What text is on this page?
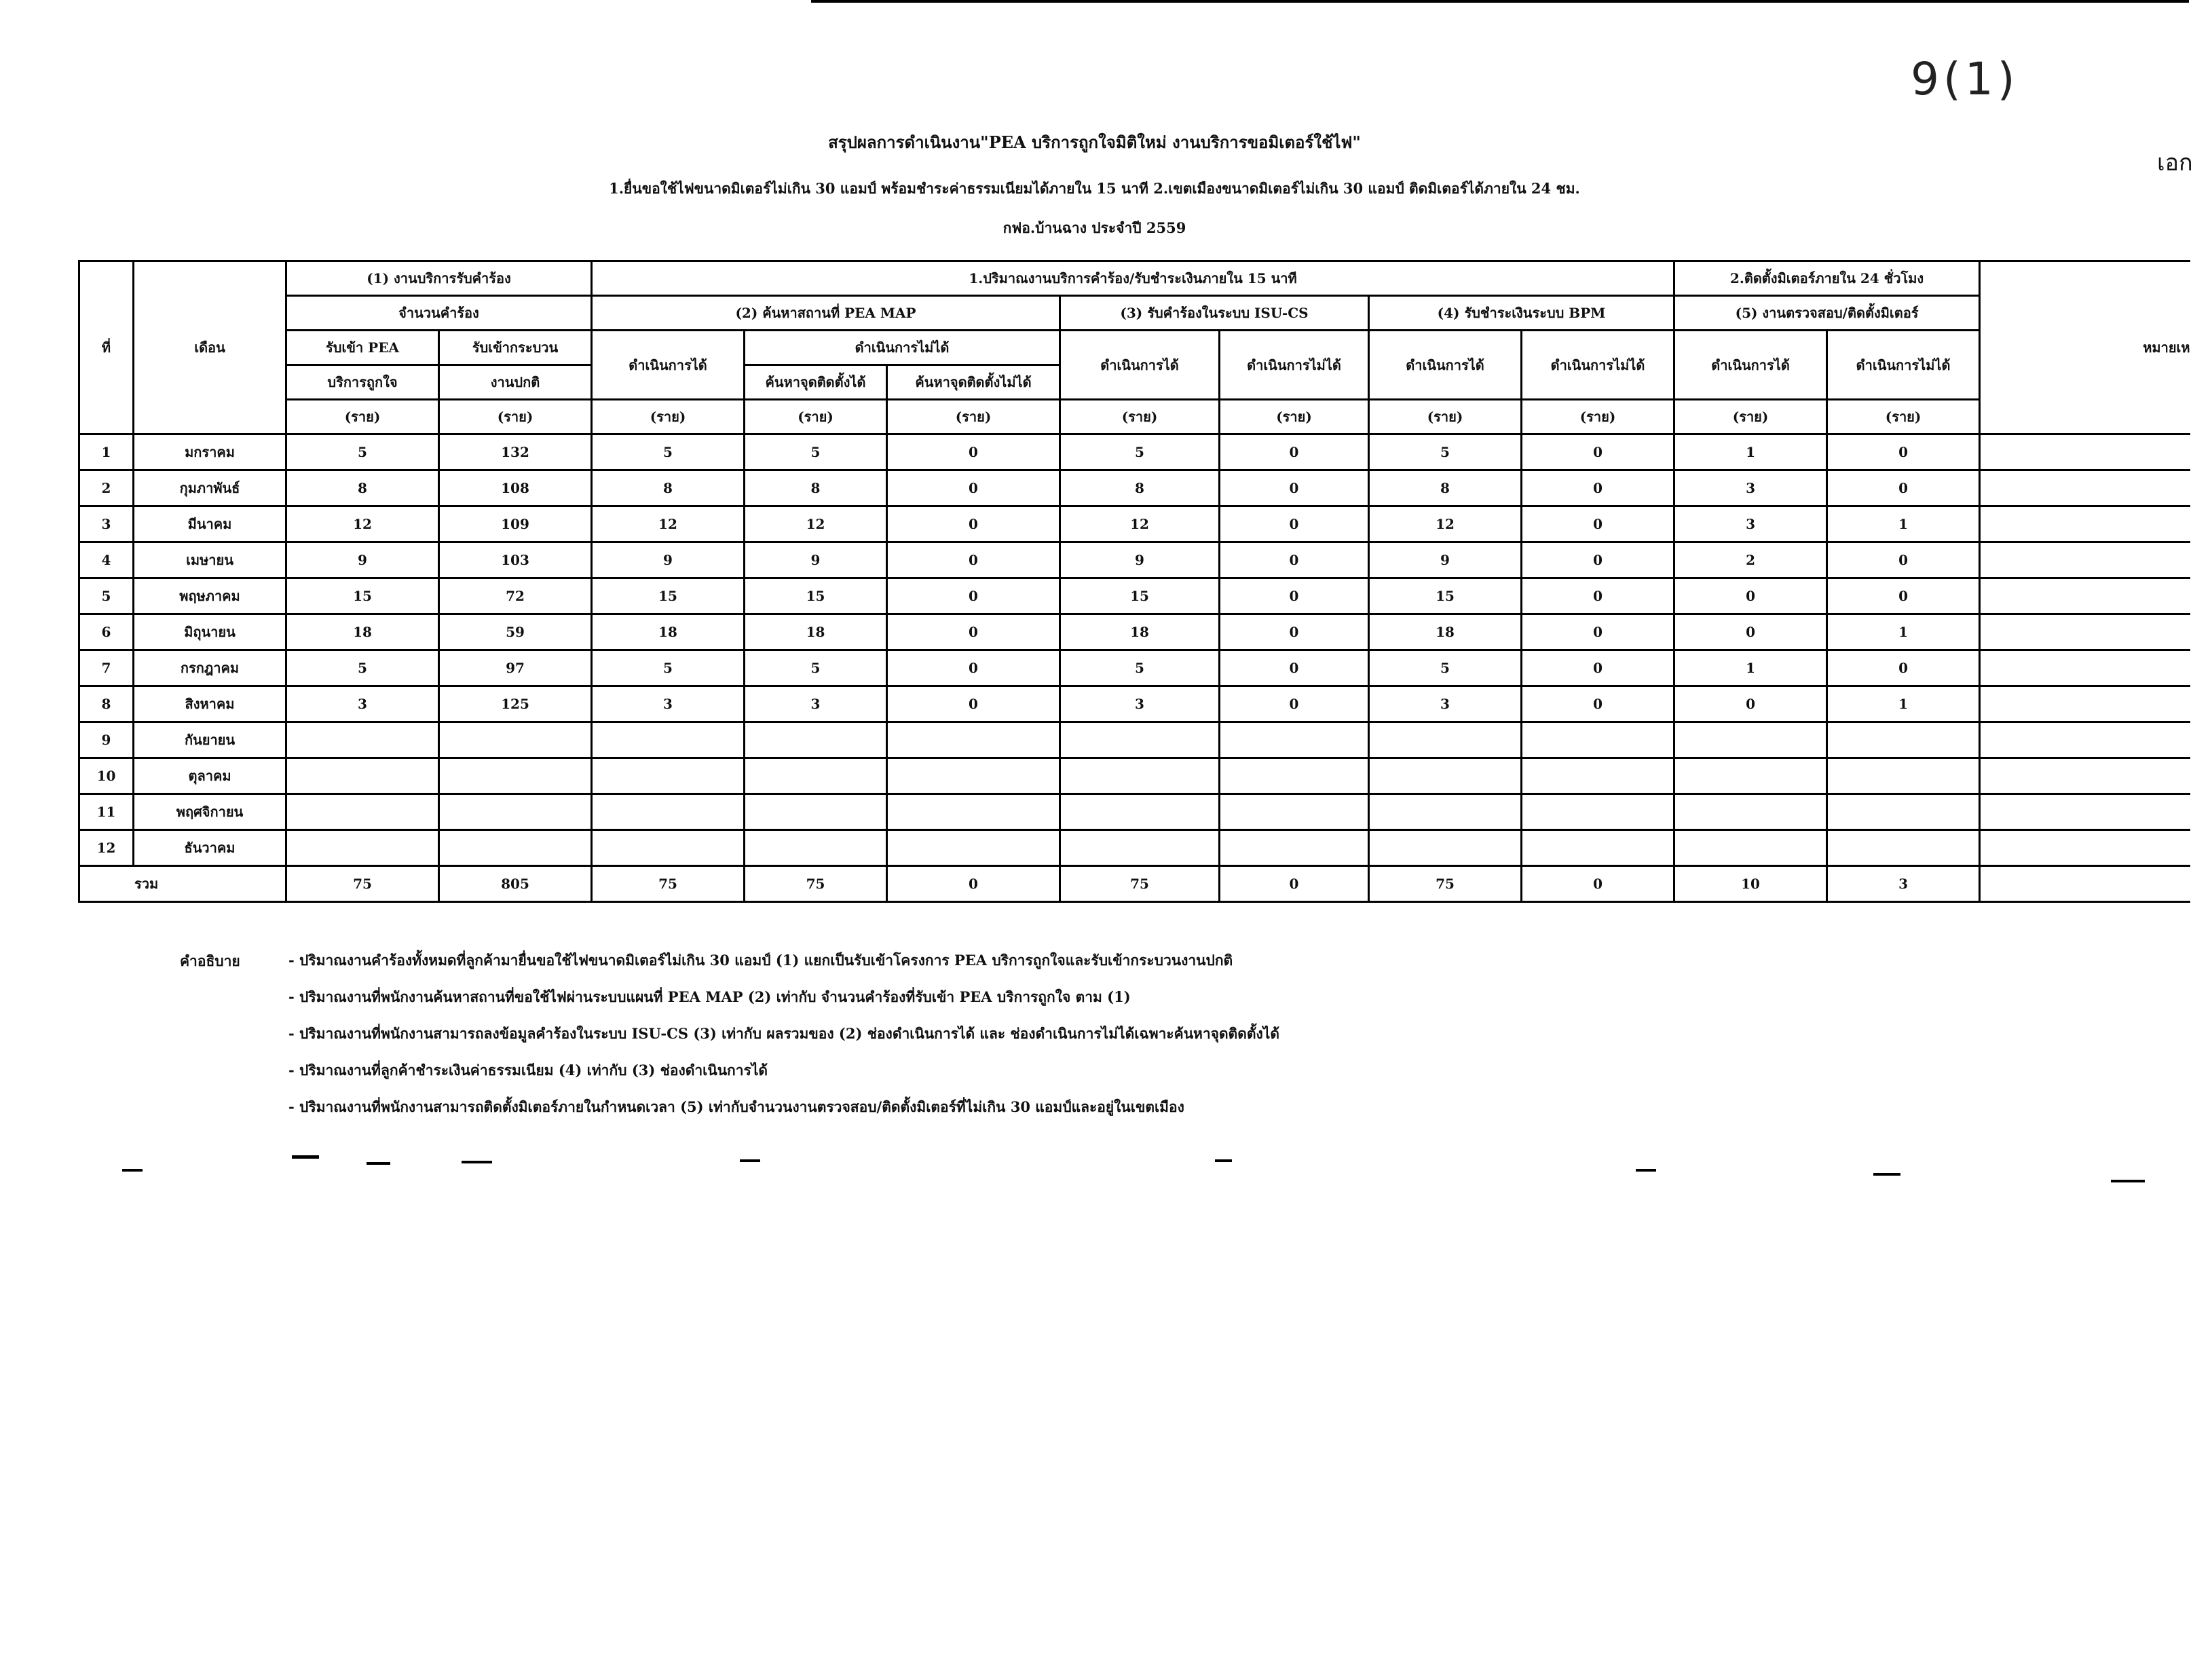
9(1)
เอก
สรุปผลการดำเนินงาน"PEA บริการถูกใจมิติใหม่ งานบริการขอมิเตอร์ใช้ไฟ"
1.ยื่นขอใช้ไฟขนาดมิเตอร์ไม่เกิน 30 แอมป์ พร้อมชำระค่าธรรมเนียมได้ภายใน 15 นาที 2.เขตเมืองขนาดมิเตอร์ไม่เกิน 30 แอมป์ ติดมิเตอร์ได้ภายใน 24 ชม.
กฟอ.บ้านฉาง ประจำปี 2559
ที่	เดือน	(1) งานบริการรับคำร้อง		1.ปริมาณงานบริการคำร้อง/รับชำระเงินภายใน 15 นาที							2.ติดตั้งมิเตอร์ภายใน 24 ชั่วโมง		หมายเห
		จำนวนคำร้อง		(2) ค้นหาสถานที่ PEA MAP			(3) รับคำร้องในระบบ ISU-CS		(4) รับชำระเงินระบบ BPM		(5) งานตรวจสอบ/ติดตั้งมิเตอร์		
		รับเข้า PEA	รับเข้ากระบวน	ดำเนินการได้	ดำเนินการไม่ได้		ดำเนินการได้	ดำเนินการไม่ได้	ดำเนินการได้	ดำเนินการไม่ได้	ดำเนินการได้	ดำเนินการไม่ได้	
		บริการถูกใจ	งานปกติ		ค้นหาจุดติดตั้งได้	ค้นหาจุดติดตั้งไม่ได้							
		(ราย)	(ราย)	(ราย)	(ราย)	(ราย)	(ราย)	(ราย)	(ราย)	(ราย)	(ราย)	(ราย)	
1	มกราคม	5	132	5	5	0	5	0	5	0	1	0	
2	กุมภาพันธ์	8	108	8	8	0	8	0	8	0	3	0	
3	มีนาคม	12	109	12	12	0	12	0	12	0	3	1	
4	เมษายน	9	103	9	9	0	9	0	9	0	2	0	
5	พฤษภาคม	15	72	15	15	0	15	0	15	0	0	0	
6	มิถุนายน	18	59	18	18	0	18	0	18	0	0	1	
7	กรกฎาคม	5	97	5	5	0	5	0	5	0	1	0	
8	สิงหาคม	3	125	3	3	0	3	0	3	0	0	1	
9	กันยายน												
10	ตุลาคม												
11	พฤศจิกายน												
12	ธันวาคม												
รวม		75	805	75	75	0	75	0	75	0	10	3	
คำอธิบาย	- ปริมาณงานคำร้องทั้งหมดที่ลูกค้ามายื่นขอใช้ไฟขนาดมิเตอร์ไม่เกิน 30 แอมป์ (1) แยกเป็นรับเข้าโครงการ PEA บริการถูกใจและรับเข้ากระบวนงานปกติ
- ปริมาณงานที่พนักงานค้นหาสถานที่ขอใช้ไฟผ่านระบบแผนที่ PEA MAP (2) เท่ากับ จำนวนคำร้องที่รับเข้า PEA บริการถูกใจ ตาม (1)
- ปริมาณงานที่พนักงานสามารถลงข้อมูลคำร้องในระบบ ISU-CS (3) เท่ากับ ผลรวมของ (2) ช่องดำเนินการได้ และ ช่องดำเนินการไม่ได้เฉพาะค้นหาจุดติดตั้งได้
- ปริมาณงานที่ลูกค้าชำระเงินค่าธรรมเนียม (4) เท่ากับ (3) ช่องดำเนินการได้
- ปริมาณงานที่พนักงานสามารถติดตั้งมิเตอร์ภายในกำหนดเวลา (5) เท่ากับจำนวนงานตรวจสอบ/ติดตั้งมิเตอร์ที่ไม่เกิน 30 แอมป์และอยู่ในเขตเมือง
